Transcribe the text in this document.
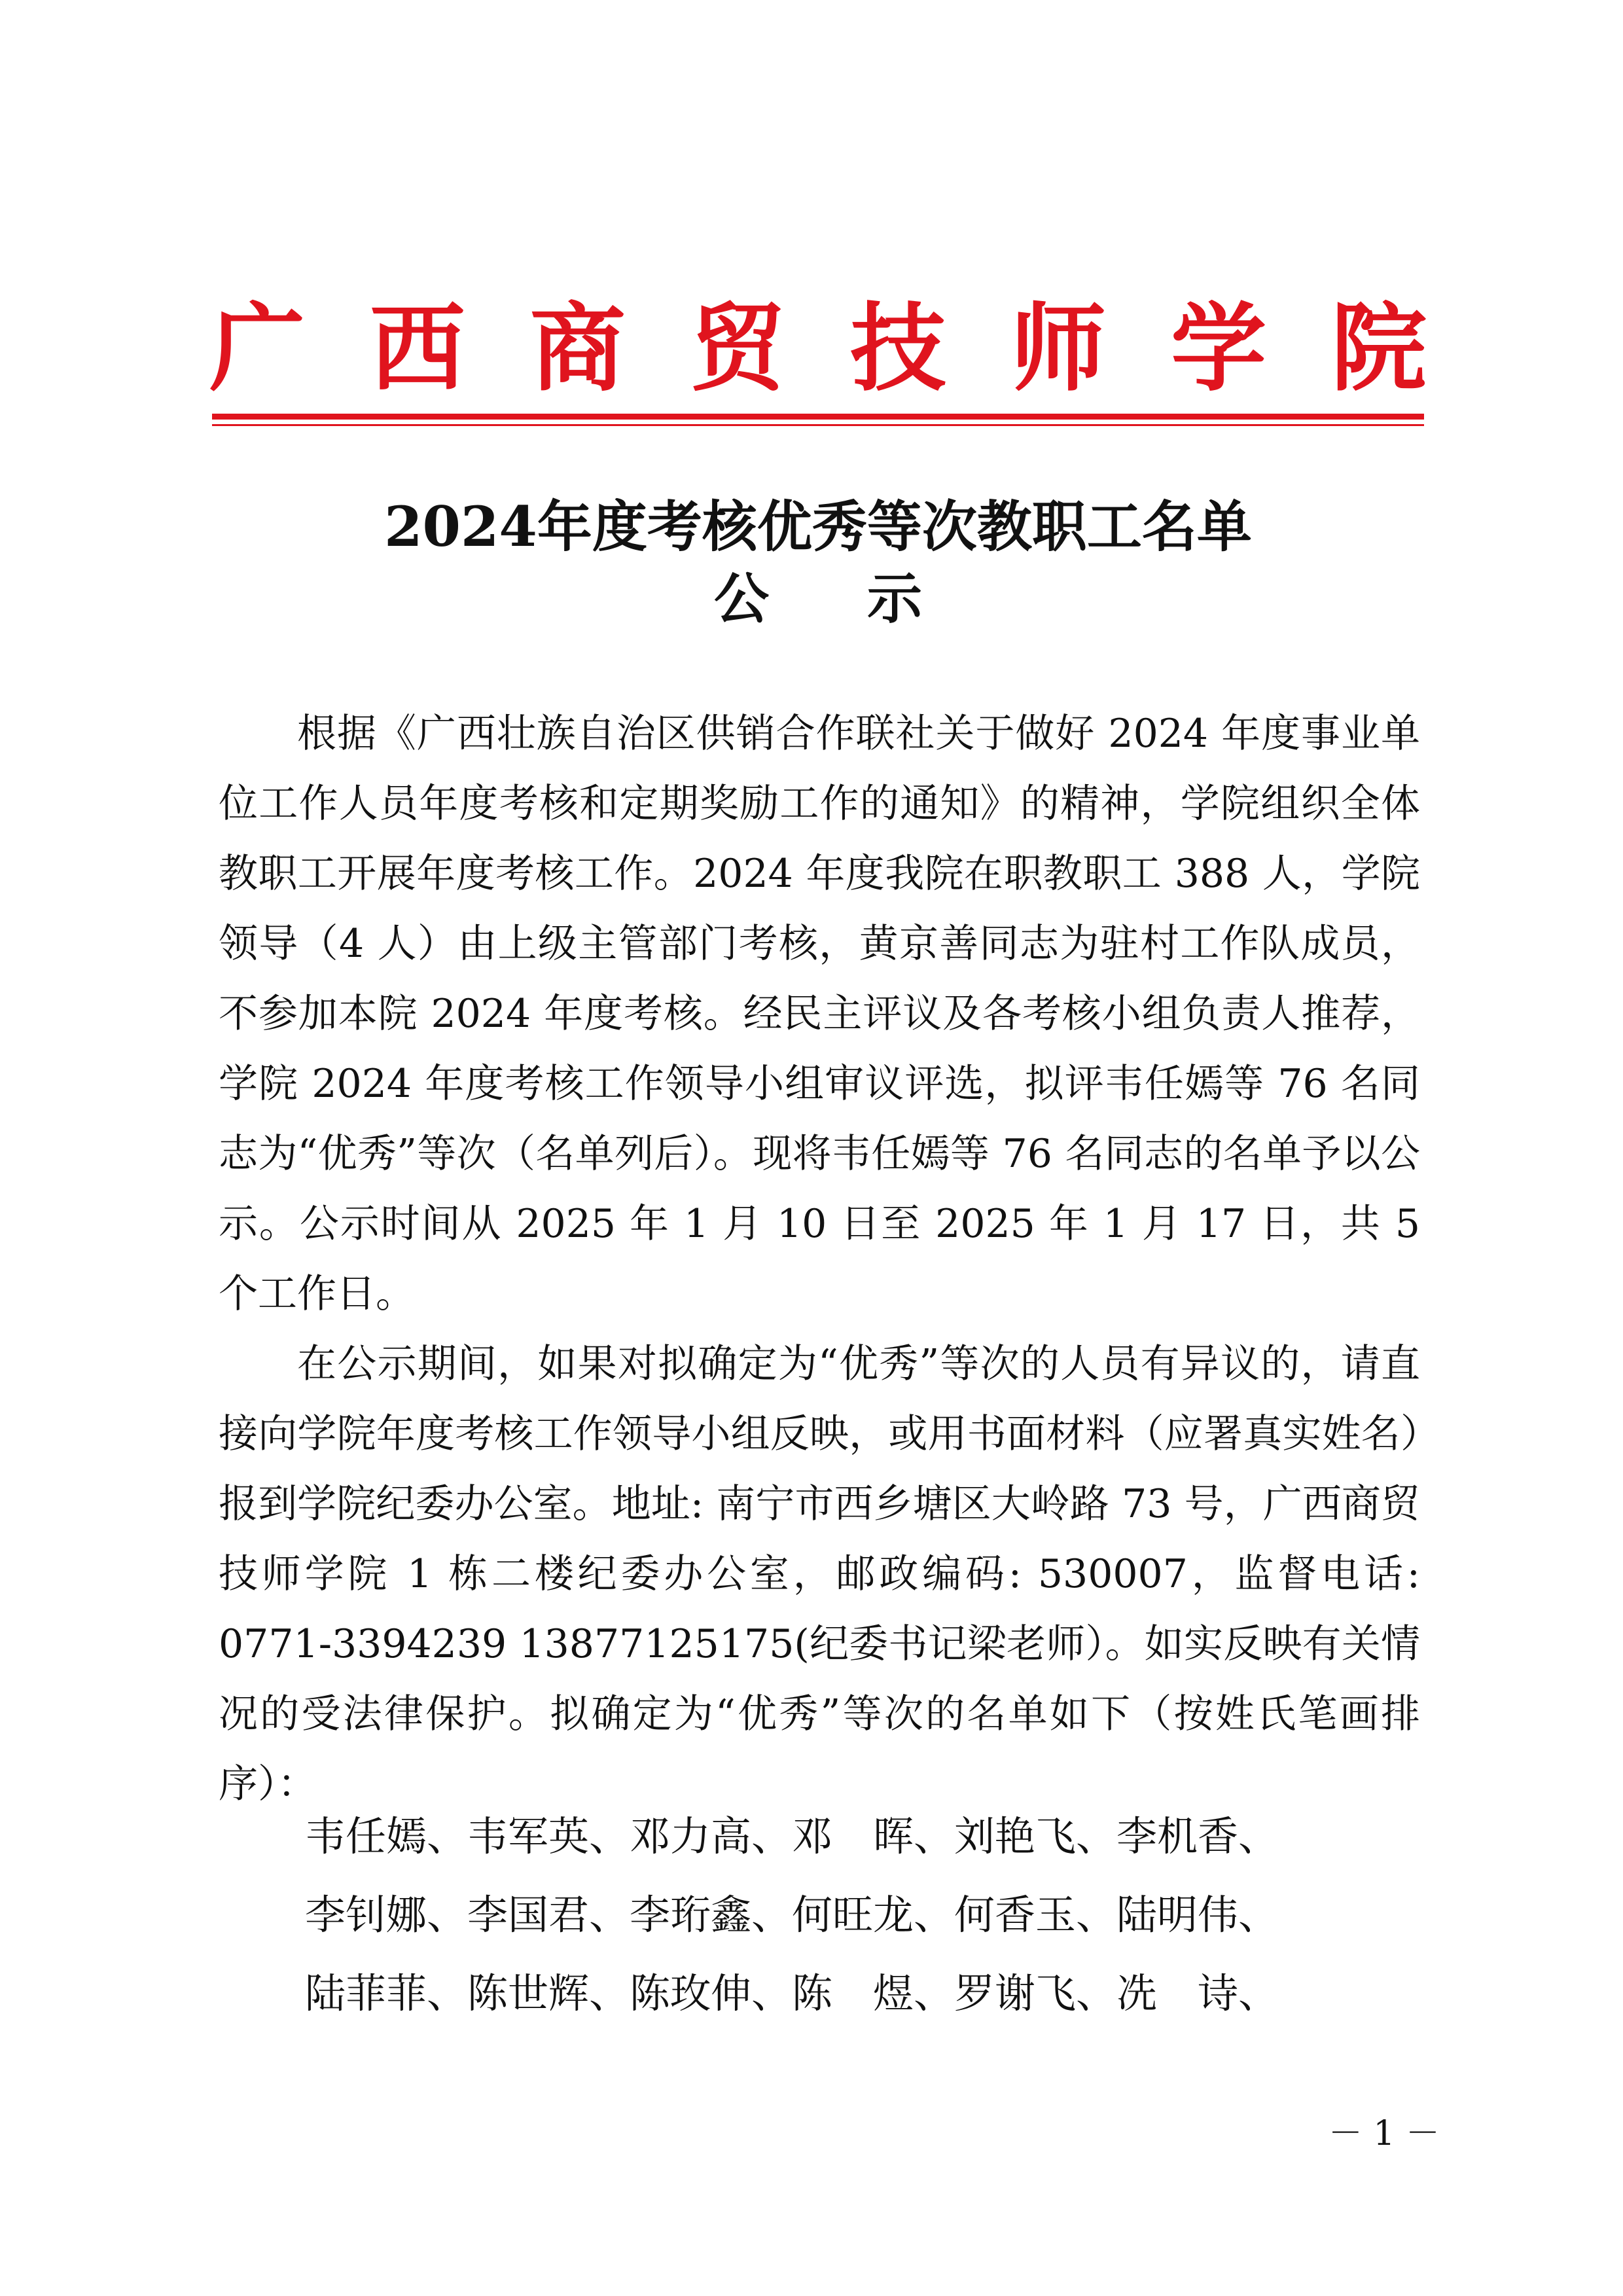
广 西 商 贸 技 师 学 院
2024年度考核优秀等次教职工名单
公示

根据《广西壮族自治区供销合作联社关于做好 2024 年度事业单位工作人员年度考核和定期奖励工作的通知》的精神，学院组织全体教职工开展年度考核工作。2024 年度我院在职教职工 388 人，学院领导（4 人）由上级主管部门考核，黄京善同志为驻村工作队成员，不参加本院 2024 年度考核。经民主评议及各考核小组负责人推荐，学院 2024 年度考核工作领导小组审议评选，拟评韦任嫣等 76 名同志为“优秀”等次（名单列后）。现将韦任嫣等 76 名同志的名单予以公示。公示时间从 2025 年 1 月 10 日至 2025 年 1 月 17 日，共 5 个工作日。

在公示期间，如果对拟确定为“优秀”等次的人员有异议的，请直接向学院年度考核工作领导小组反映，或用书面材料（应署真实姓名）报到学院纪委办公室。地址: 南宁市西乡塘区大岭路 73 号，广西商贸技师学院 1 栋二楼纪委办公室，邮政编码: 530007，监督电话: 0771-3394239 13877125175(纪委书记梁老师）。如实反映有关情况的受法律保护。拟确定为“优秀”等次的名单如下（按姓氏笔画排序）：

韦任嫣、韦军英、邓力高、邓　晖、刘艳飞、李机香、
李钊娜、李国君、李珩鑫、何旺龙、何香玉、陆明伟、
陆菲菲、陈世辉、陈玫伸、陈　煜、罗谢飞、冼　诗、
－ 1 －
